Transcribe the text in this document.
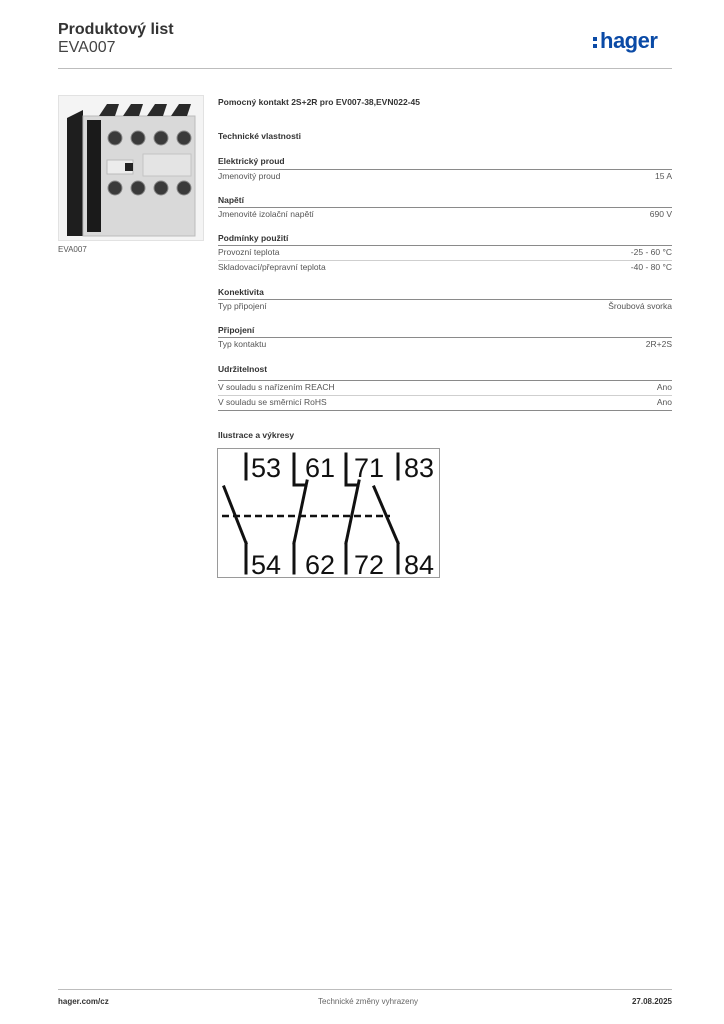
Produktový list
EVA007	hager
EVA007
Pomocný kontakt 2S+2R pro EV007-38,EVN022-45
Technické vlastnosti
Elektrický proud
Jmenovitý proud	15 A
Napětí
Jmenovité izolační napětí	690 V
Podmínky použití
Provozní teplota	-25 - 60 °C
Skladovací/přepravní teplota	-40 - 80 °C
Konektivita
Typ připojení	Šroubová svorka
Připojení
Typ kontaktu	2R+2S
Udržitelnost
V souladu s nařízením REACH	Ano
V souladu se směrnicí RoHS	Ano
Ilustrace a výkresy
53 61 71 83
54 62 72 84
hager.com/cz	Technické změny vyhrazeny	27.08.2025
